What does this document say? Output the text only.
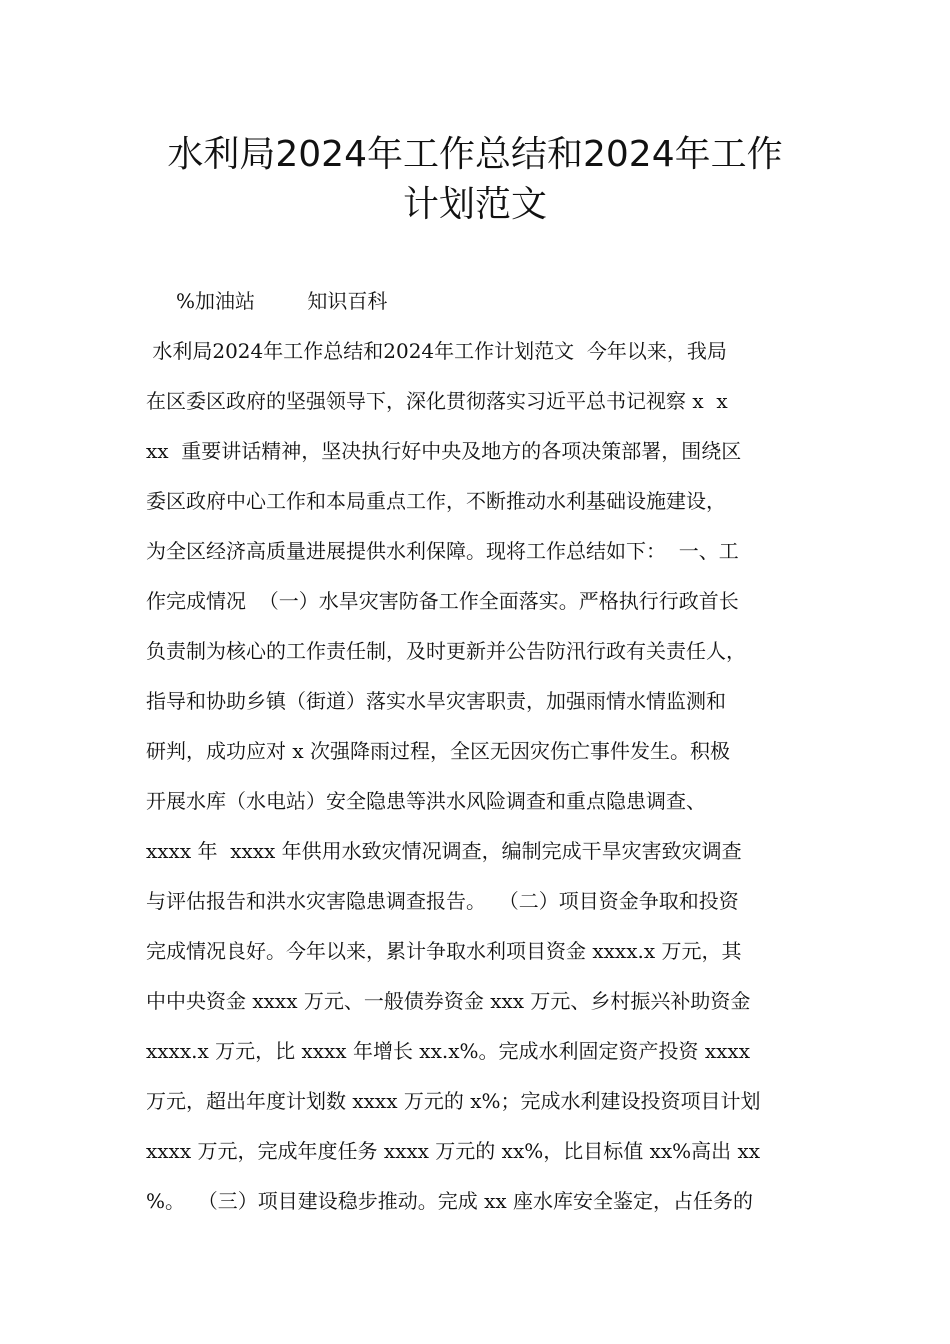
水利局2024年工作总结和2024年工作
计划范文
%加油站	知识百科
水利局2024年工作总结和2024年工作计划范文  今年以来，我局
在区委区政府的坚强领导下，深化贯彻落实习近平总书记视察 x  x
xx  重要讲话精神，坚决执行好中央及地方的各项决策部署，围绕区
委区政府中心工作和本局重点工作，不断推动水利基础设施建设，
为全区经济高质量进展提供水利保障。现将工作总结如下：  一、工
作完成情况  （一）水旱灾害防备工作全面落实。严格执行行政首长
负责制为核心的工作责任制，及时更新并公告防汛行政有关责任人，
指导和协助乡镇（街道）落实水旱灾害职责，加强雨情水情监测和
研判，成功应对 x 次强降雨过程，全区无因灾伤亡事件发生。积极
开展水库（水电站）安全隐患等洪水风险调查和重点隐患调查、
xxxx 年  xxxx 年供用水致灾情况调查，编制完成干旱灾害致灾调查
与评估报告和洪水灾害隐患调查报告。  （二）项目资金争取和投资
完成情况良好。今年以来，累计争取水利项目资金 xxxx.x 万元，其
中中央资金 xxxx 万元、一般债券资金 xxx 万元、乡村振兴补助资金
xxxx.x 万元，比 xxxx 年增长 xx.x%。完成水利固定资产投资 xxxx
万元，超出年度计划数 xxxx 万元的 x%；完成水利建设投资项目计划
xxxx 万元，完成年度任务 xxxx 万元的 xx%，比目标值 xx%高出 xx
%。  （三）项目建设稳步推动。完成 xx 座水库安全鉴定，占任务的
